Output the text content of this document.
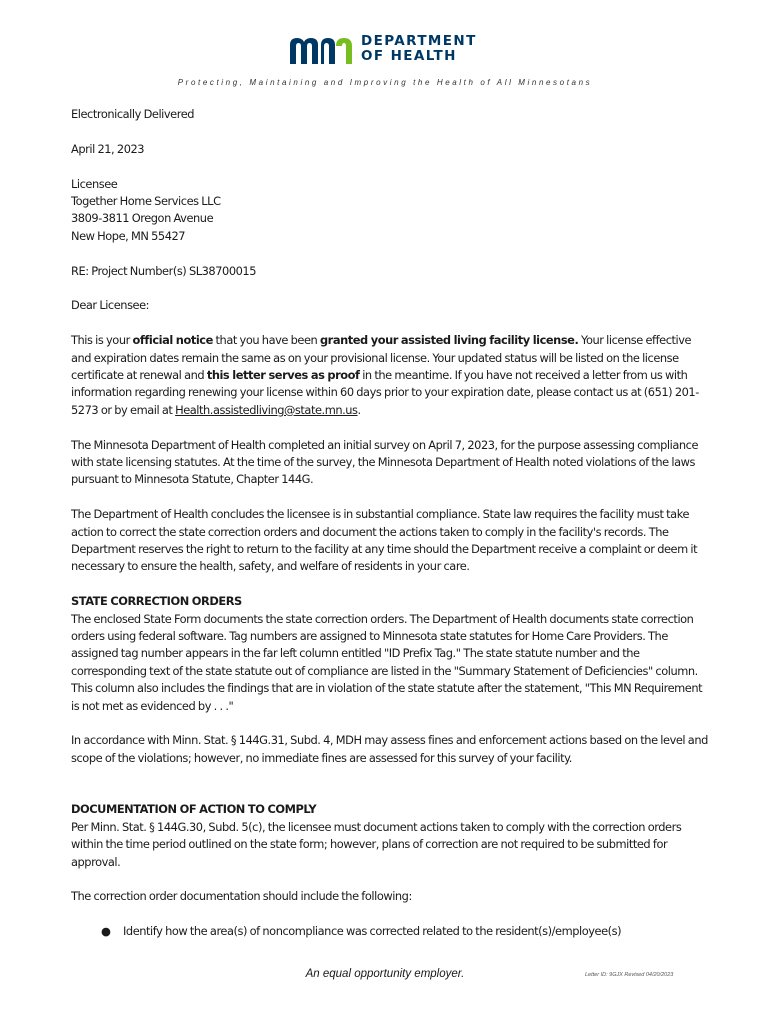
DEPARTMENT
OF HEALTH
Protecting, Maintaining and Improving the Health of All Minnesotans

Electronically Delivered

April 21, 2023

Licensee
Together Home Services LLC
3809-3811 Oregon Avenue
New Hope, MN 55427

RE: Project Number(s) SL38700015

Dear Licensee:

This is your official notice that you have been granted your assisted living facility license. Your license effective and expiration dates remain the same as on your provisional license. Your updated status will be listed on the license certificate at renewal and this letter serves as proof in the meantime. If you have not received a letter from us with information regarding renewing your license within 60 days prior to your expiration date, please contact us at (651) 201-5273 or by email at Health.assistedliving@state.mn.us.

The Minnesota Department of Health completed an initial survey on April 7, 2023, for the purpose assessing compliance with state licensing statutes. At the time of the survey, the Minnesota Department of Health noted violations of the laws pursuant to Minnesota Statute, Chapter 144G.

The Department of Health concludes the licensee is in substantial compliance. State law requires the facility must take action to correct the state correction orders and document the actions taken to comply in the facility's records. The Department reserves the right to return to the facility at any time should the Department receive a complaint or deem it necessary to ensure the health, safety, and welfare of residents in your care.

STATE CORRECTION ORDERS

The enclosed State Form documents the state correction orders. The Department of Health documents state correction orders using federal software. Tag numbers are assigned to Minnesota state statutes for Home Care Providers. The assigned tag number appears in the far left column entitled "ID Prefix Tag." The state statute number and the corresponding text of the state statute out of compliance are listed in the "Summary Statement of Deficiencies" column. This column also includes the findings that are in violation of the state statute after the statement, "This MN Requirement is not met as evidenced by . . ."

In accordance with Minn. Stat. § 144G.31, Subd. 4, MDH may assess fines and enforcement actions based on the level and scope of the violations; however, no immediate fines are assessed for this survey of your facility.

DOCUMENTATION OF ACTION TO COMPLY

Per Minn. Stat. § 144G.30, Subd. 5(c), the licensee must document actions taken to comply with the correction orders within the time period outlined on the state form; however, plans of correction are not required to be submitted for approval.

The correction order documentation should include the following:

● Identify how the area(s) of noncompliance was corrected related to the resident(s)/employee(s)
An equal opportunity employer.	Letter ID: 9GJX Revised 04/20/2023
